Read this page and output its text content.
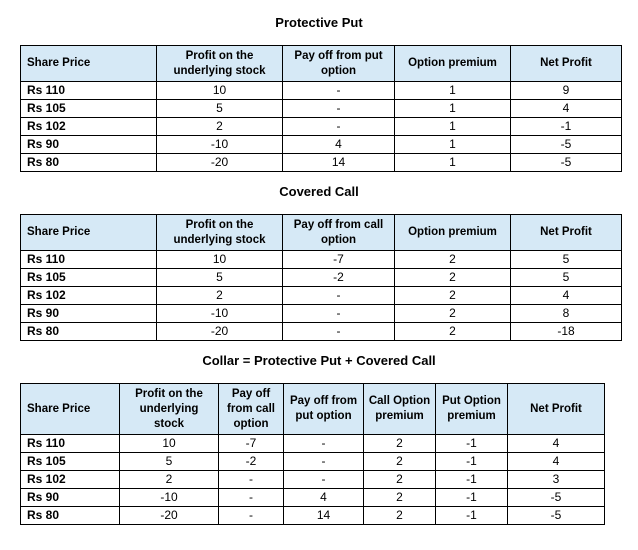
Protective Put
Share Price	Profit on the underlying stock	Pay off from put option	Option premium	Net Profit
Rs 110	10	-	1	9
Rs 105	5	-	1	4
Rs 102	2	-	1	-1
Rs 90	-10	4	1	-5
Rs 80	-20	14	1	-5
Covered Call
Share Price	Profit on the underlying stock	Pay off from call option	Option premium	Net Profit
Rs 110	10	-7	2	5
Rs 105	5	-2	2	5
Rs 102	2	-	2	4
Rs 90	-10	-	2	8
Rs 80	-20	-	2	-18
Collar = Protective Put + Covered Call
Share Price	Profit on the underlying stock	Pay off from call option	Pay off from put option	Call Option premium	Put Option premium	Net Profit
Rs 110	10	-7	-	2	-1	4
Rs 105	5	-2	-	2	-1	4
Rs 102	2	-	-	2	-1	3
Rs 90	-10	-	4	2	-1	-5
Rs 80	-20	-	14	2	-1	-5
